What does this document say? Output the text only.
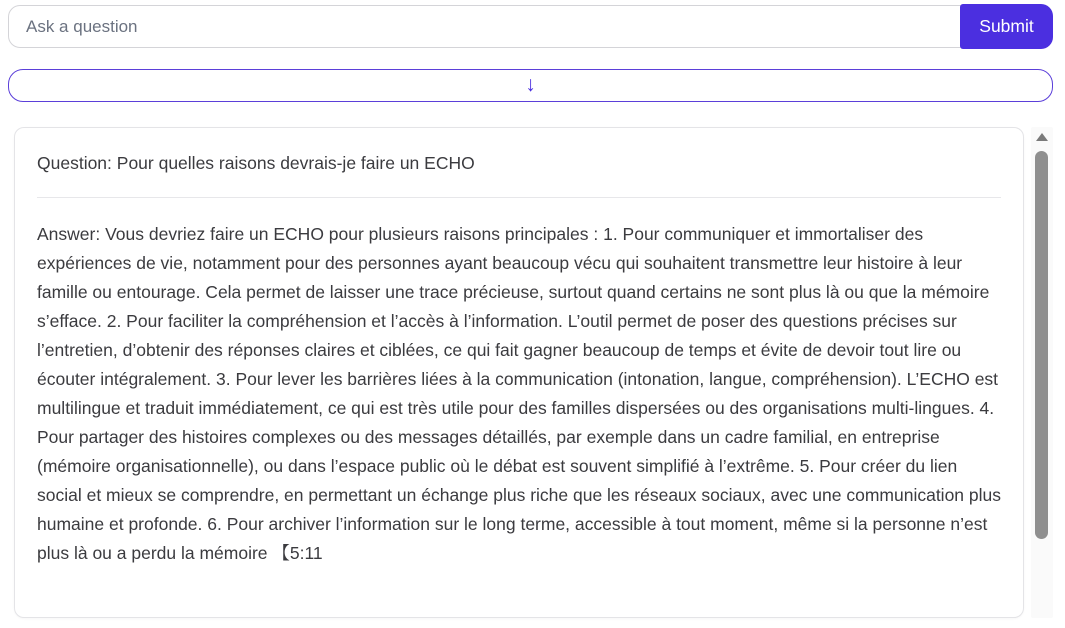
Ask a question
Submit
↓
Question: Pour quelles raisons devrais-je faire un ECHO
Answer: Vous devriez faire un ECHO pour plusieurs raisons principales : 1. Pour communiquer et immortaliser des expériences de vie, notamment pour des personnes ayant beaucoup vécu qui souhaitent transmettre leur histoire à leur famille ou entourage. Cela permet de laisser une trace précieuse, surtout quand certains ne sont plus là ou que la mémoire s’efface. 2. Pour faciliter la compréhension et l’accès à l’information. L’outil permet de poser des questions précises sur l’entretien, d’obtenir des réponses claires et ciblées, ce qui fait gagner beaucoup de temps et évite de devoir tout lire ou écouter intégralement. 3. Pour lever les barrières liées à la communication (intonation, langue, compréhension). L’ECHO est multilingue et traduit immédiatement, ce qui est très utile pour des familles dispersées ou des organisations multi-lingues. 4. Pour partager des histoires complexes ou des messages détaillés, par exemple dans un cadre familial, en entreprise (mémoire organisationnelle), ou dans l’espace public où le débat est souvent simplifié à l’extrême. 5. Pour créer du lien social et mieux se comprendre, en permettant un échange plus riche que les réseaux sociaux, avec une communication plus humaine et profonde. 6. Pour archiver l’information sur le long terme, accessible à tout moment, même si la personne n’est plus là ou a perdu la mémoire 【5:11
